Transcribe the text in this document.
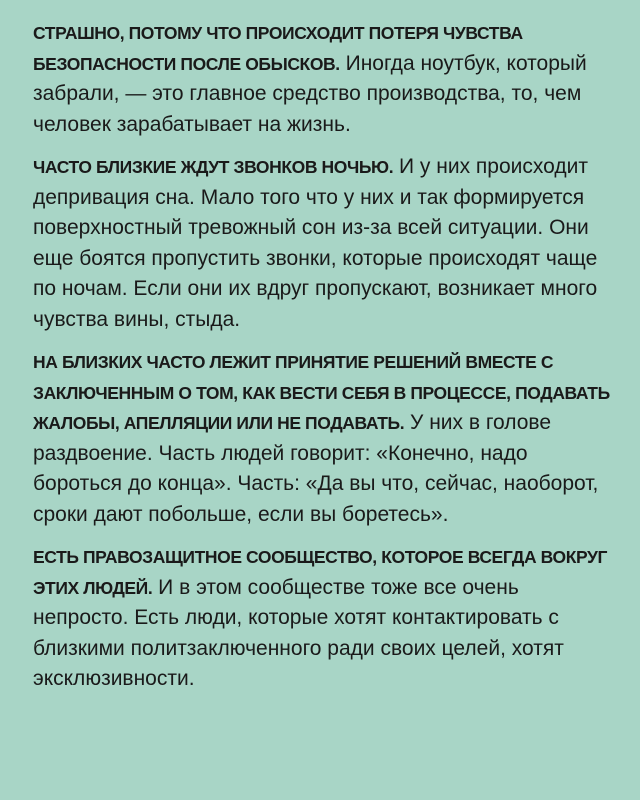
СТРАШНО, ПОТОМУ ЧТО ПРОИСХОДИТ ПОТЕРЯ ЧУВСТВА БЕЗОПАСНОСТИ ПОСЛЕ ОБЫСКОВ. Иногда ноутбук, который забрали, — это главное средство производства, то, чем человек зарабатывает на жизнь.

ЧАСТО БЛИЗКИЕ ЖДУТ ЗВОНКОВ НОЧЬЮ. И у них происходит депривация сна. Мало того что у них и так формируется поверхностный тревожный сон из-за всей ситуации. Они еще боятся пропустить звонки, которые происходят чаще по ночам. Если они их вдруг пропускают, возникает много чувства вины, стыда.

НА БЛИЗКИХ ЧАСТО ЛЕЖИТ ПРИНЯТИЕ РЕШЕНИЙ ВМЕСТЕ С ЗАКЛЮЧЕННЫМ О ТОМ, КАК ВЕСТИ СЕБЯ В ПРОЦЕССЕ, ПОДАВАТЬ ЖАЛОБЫ, АПЕЛЛЯЦИИ ИЛИ НЕ ПОДАВАТЬ. У них в голове раздвоение. Часть людей говорит: «Конечно, надо бороться до конца». Часть: «Да вы что, сейчас, наоборот, сроки дают побольше, если вы боретесь».

ЕСТЬ ПРАВОЗАЩИТНОЕ СООБЩЕСТВО, КОТОРОЕ ВСЕГДА ВОКРУГ ЭТИХ ЛЮДЕЙ. И в этом сообществе тоже все очень непросто. Есть люди, которые хотят контактировать с близкими политзаключенного ради своих целей, хотят эксклюзивности.
